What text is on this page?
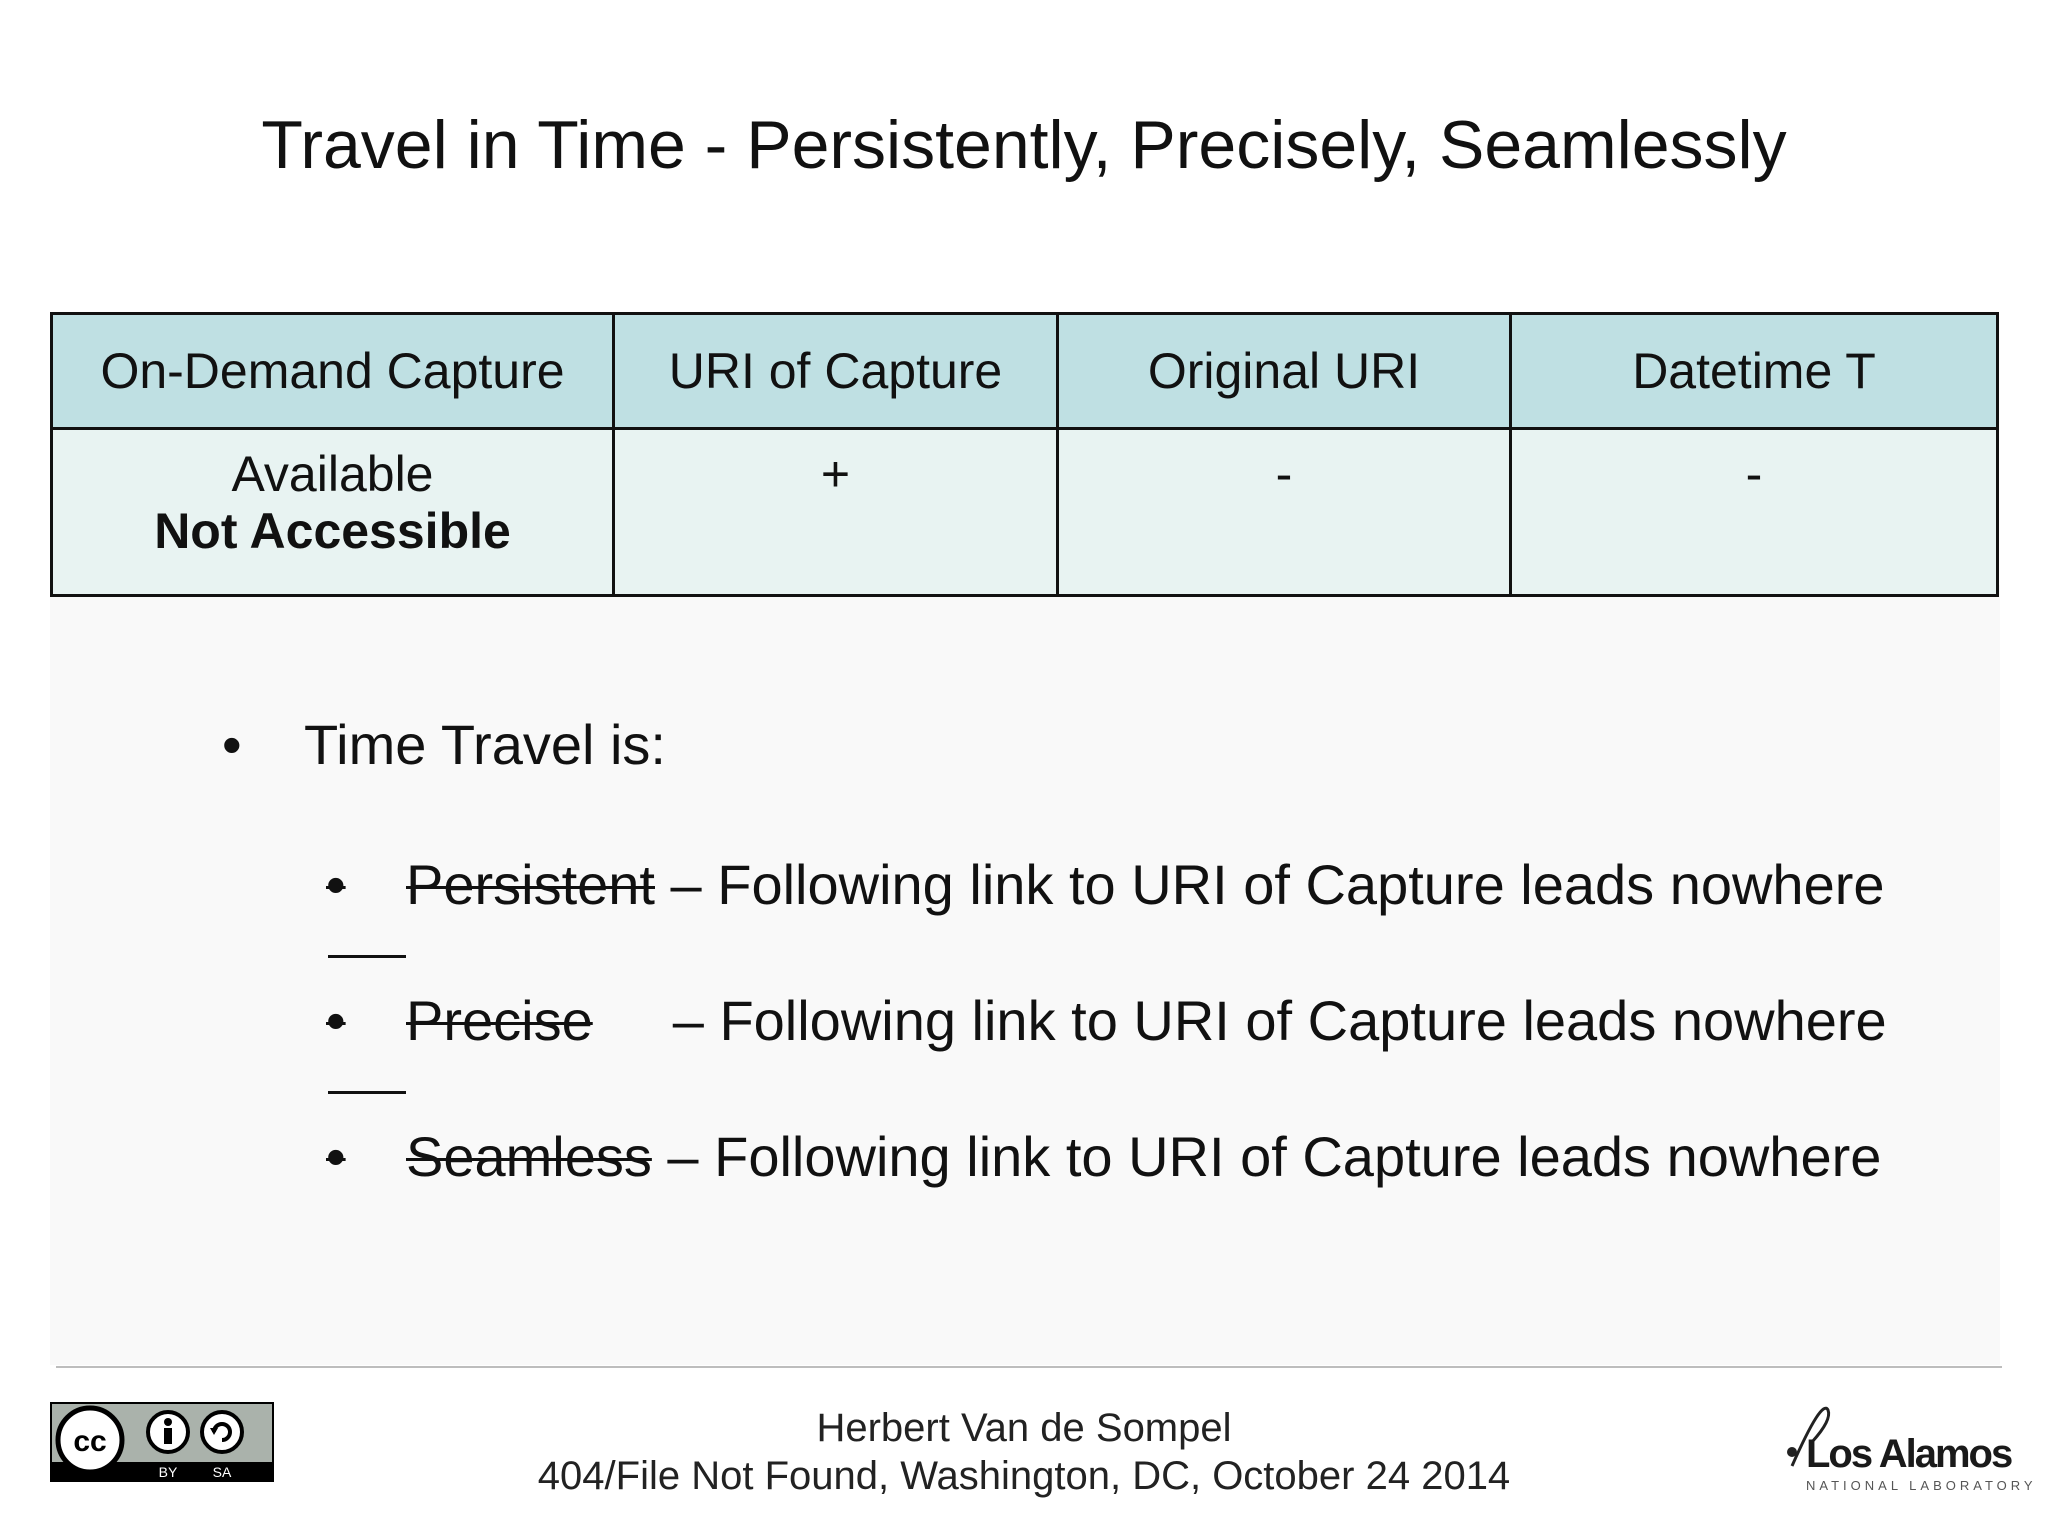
Travel in Time - Persistently, Precisely, Seamlessly
On-Demand Capture	URI of Capture	Original URI	Datetime T

Available
Not Accessible	+	-	-
• Time Travel is:
• Persistent – Following link to URI of Capture leads nowhere
• Precise – Following link to URI of Capture leads nowhere
• Seamless – Following link to URI of Capture leads nowhere
cc
BY	SA
Herbert Van de Sompel
404/File Not Found, Washington, DC, October 24 2014	Los Alamos
NATIONAL LABORATORY
